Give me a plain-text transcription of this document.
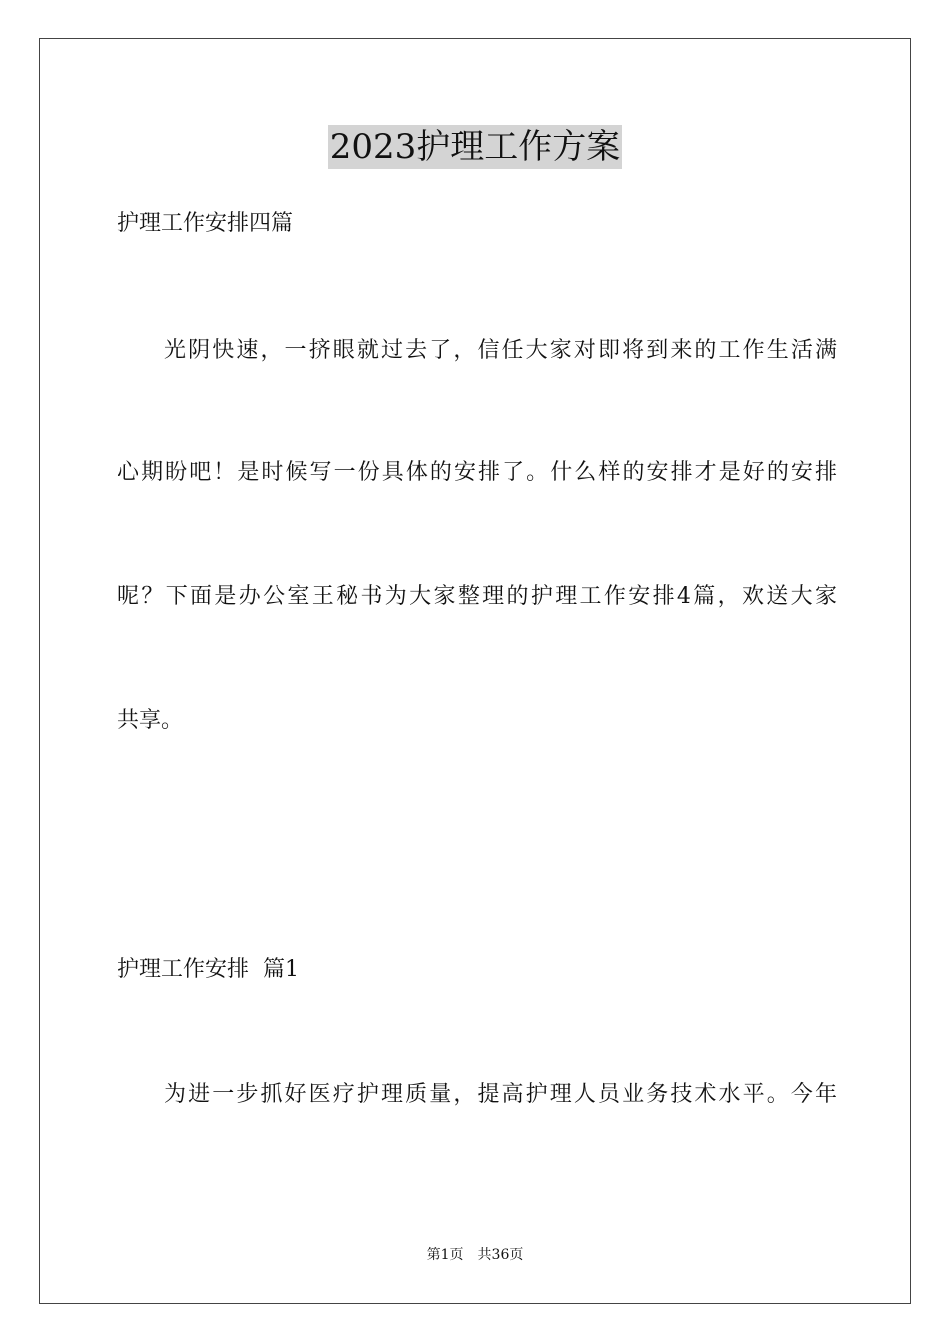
2023护理工作方案
护理工作安排四篇
光阴快速，一挤眼就过去了，信任大家对即将到来的工作生活满
心期盼吧！是时候写一份具体的安排了。什么样的安排才是好的安排
呢？下面是办公室王秘书为大家整理的护理工作安排4篇，欢送大家
共享。
护理工作安排  篇1
为进一步抓好医疗护理质量，提高护理人员业务技术水平。今年
第1页 共36页
